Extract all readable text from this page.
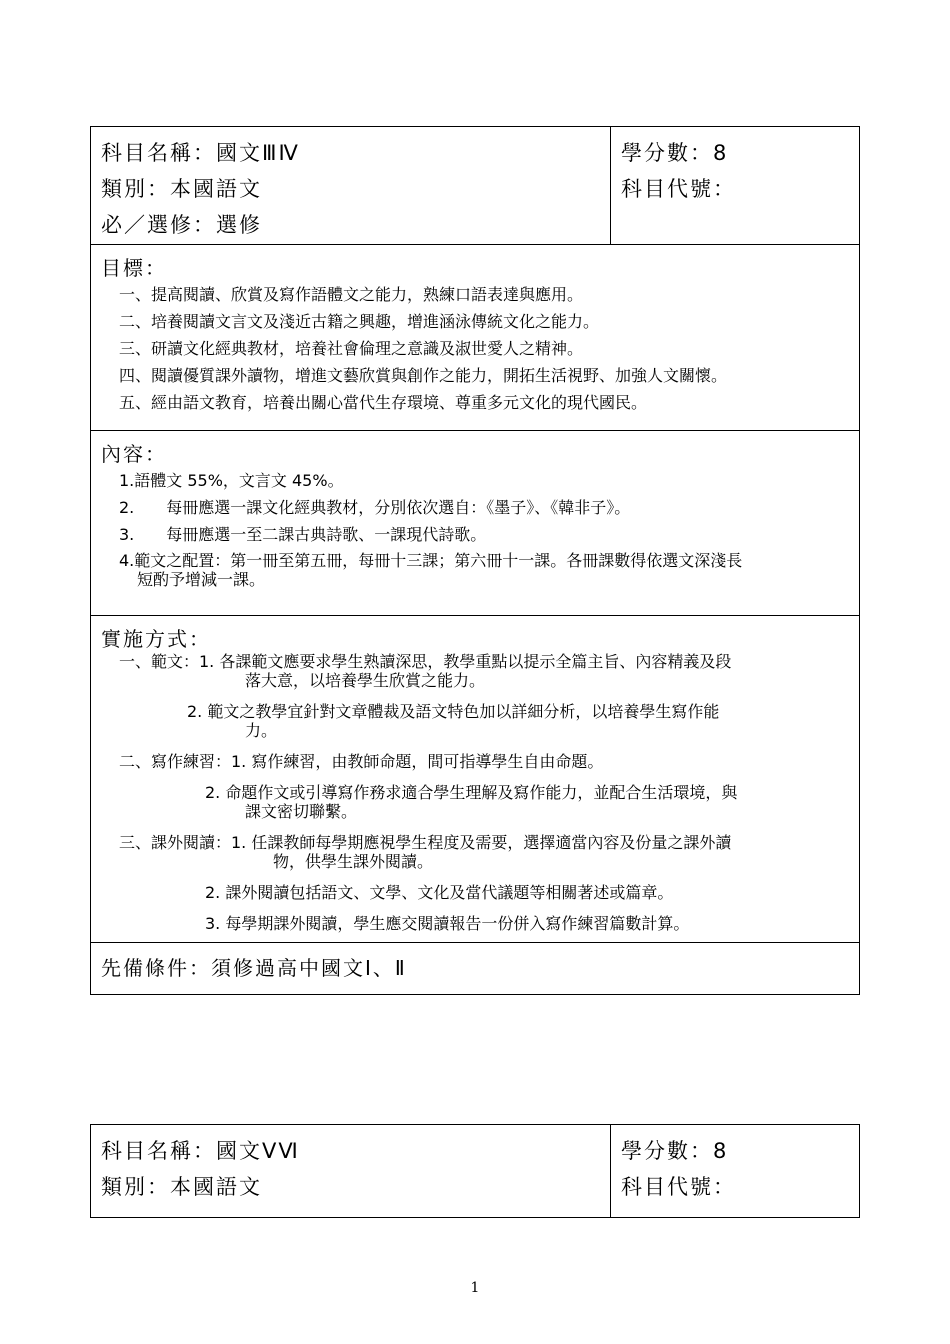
科目名稱：國文ⅢⅣ
類別：本國語文
必／選修：選修
學分數：8
科目代號：
目標：
一、提高閱讀、欣賞及寫作語體文之能力，熟練口語表達與應用。
二、培養閱讀文言文及淺近古籍之興趣，增進涵泳傳統文化之能力。
三、研讀文化經典教材，培養社會倫理之意識及淑世愛人之精神。
四、閱讀優質課外讀物，增進文藝欣賞與創作之能力，開拓生活視野、加強人文關懷。
五、經由語文教育，培養出關心當代生存環境、尊重多元文化的現代國民。
內容：
1.語體文 55%，文言文 45%。
2.　　每冊應選一課文化經典教材，分別依次選自：《墨子》、《韓非子》。
3.　　每冊應選一至二課古典詩歌、一課現代詩歌。
4.範文之配置：第一冊至第五冊，每冊十三課；第六冊十一課。各冊課數得依選文深淺長
短酌予增減一課。
實施方式：
一、範文：1. 各課範文應要求學生熟讀深思，教學重點以提示全篇主旨、內容精義及段
落大意，以培養學生欣賞之能力。
2. 範文之教學宜針對文章體裁及語文特色加以詳細分析，以培養學生寫作能
力。
二、寫作練習：1. 寫作練習，由教師命題，間可指導學生自由命題。
2. 命題作文或引導寫作務求適合學生理解及寫作能力，並配合生活環境，與
課文密切聯繫。
三、課外閱讀：1. 任課教師每學期應視學生程度及需要，選擇適當內容及份量之課外讀
物，供學生課外閱讀。
2. 課外閱讀包括語文、文學、文化及當代議題等相關著述或篇章。
3. 每學期課外閱讀，學生應交閱讀報告一份併入寫作練習篇數計算。
先備條件：須修過高中國文Ⅰ、Ⅱ
科目名稱：國文ⅤⅥ
類別：本國語文
學分數：8
科目代號：
1
